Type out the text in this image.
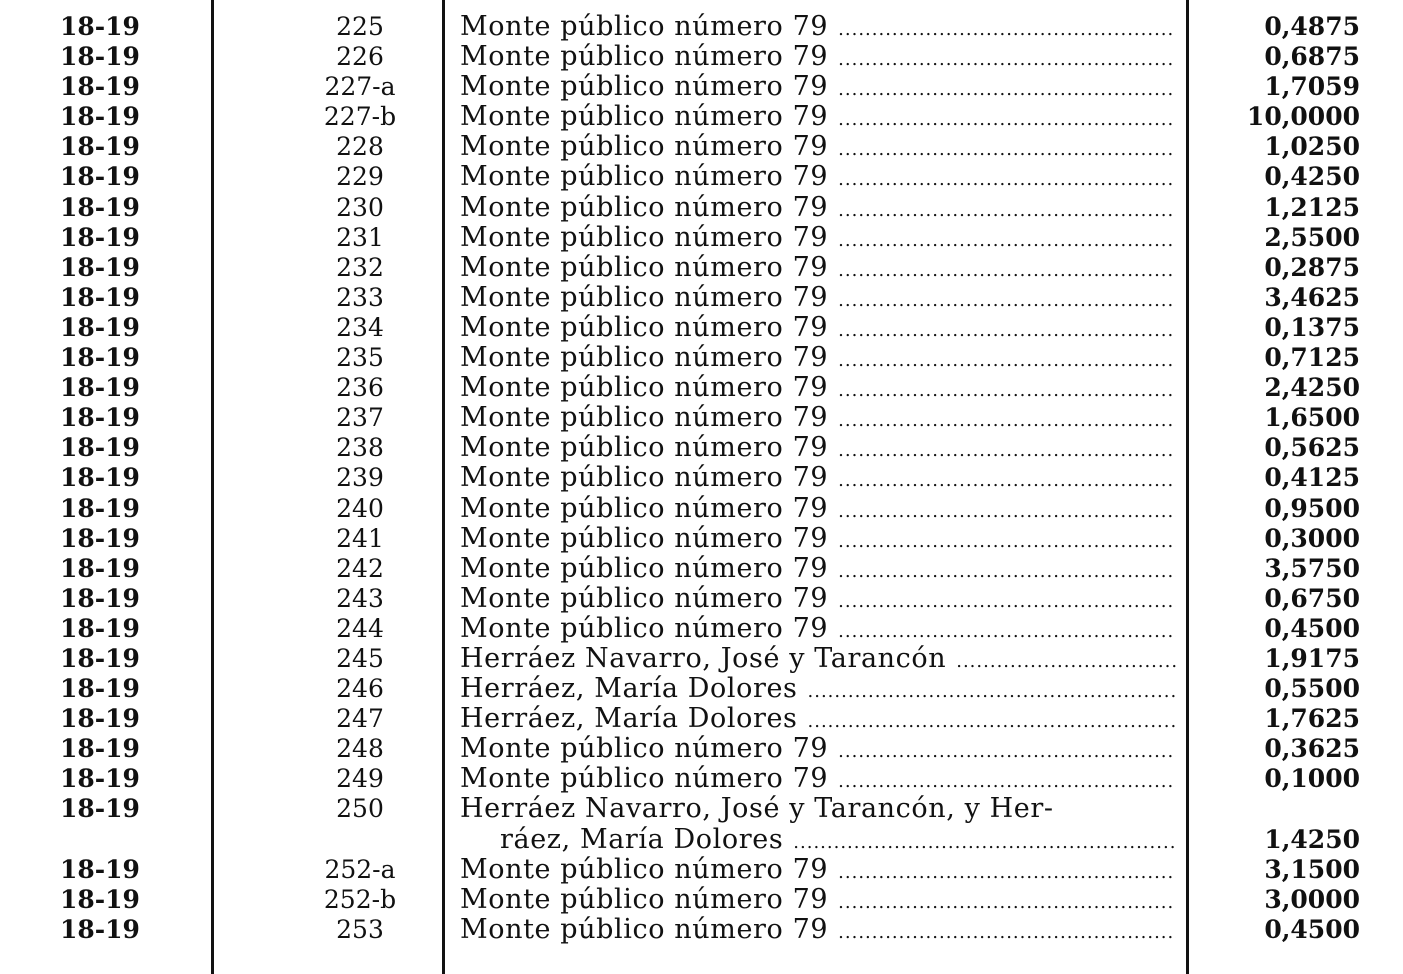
18-19	225	Monte público número 79 .....	0,4875
18-19	226	Monte público número 79 .....	0,6875
18-19	227-a	Monte público número 79 .....	1,7059
18-19	227-b	Monte público número 79 .....	10,0000
18-19	228	Monte público número 79 .....	1,0250
18-19	229	Monte público número 79 .....	0,4250
18-19	230	Monte público número 79 .....	1,2125
18-19	231	Monte público número 79 .....	2,5500
18-19	232	Monte público número 79 .....	0,2875
18-19	233	Monte público número 79 .....	3,4625
18-19	234	Monte público número 79 .....	0,1375
18-19	235	Monte público número 79 .....	0,7125
18-19	236	Monte público número 79 .....	2,4250
18-19	237	Monte público número 79 .....	1,6500
18-19	238	Monte público número 79 .....	0,5625
18-19	239	Monte público número 79 .....	0,4125
18-19	240	Monte público número 79 .....	0,9500
18-19	241	Monte público número 79 .....	0,3000
18-19	242	Monte público número 79 .....	3,5750
18-19	243	Monte público número 79 .....	0,6750
18-19	244	Monte público número 79 .....	0,4500
18-19	245	Herráez Navarro, José y Tarancón .....	1,9175
18-19	246	Herráez, María Dolores .....	0,5500
18-19	247	Herráez, María Dolores .....	1,7625
18-19	248	Monte público número 79 .....	0,3625
18-19	249	Monte público número 79 .....	0,1000
18-19	250	Herráez Navarro, José y Tarancón, y Her-
ráez, María Dolores .....	1,4250
18-19	252-a	Monte público número 79 .....	3,1500
18-19	252-b	Monte público número 79 .....	3,0000
18-19	253	Monte público número 79 .....	0,4500
